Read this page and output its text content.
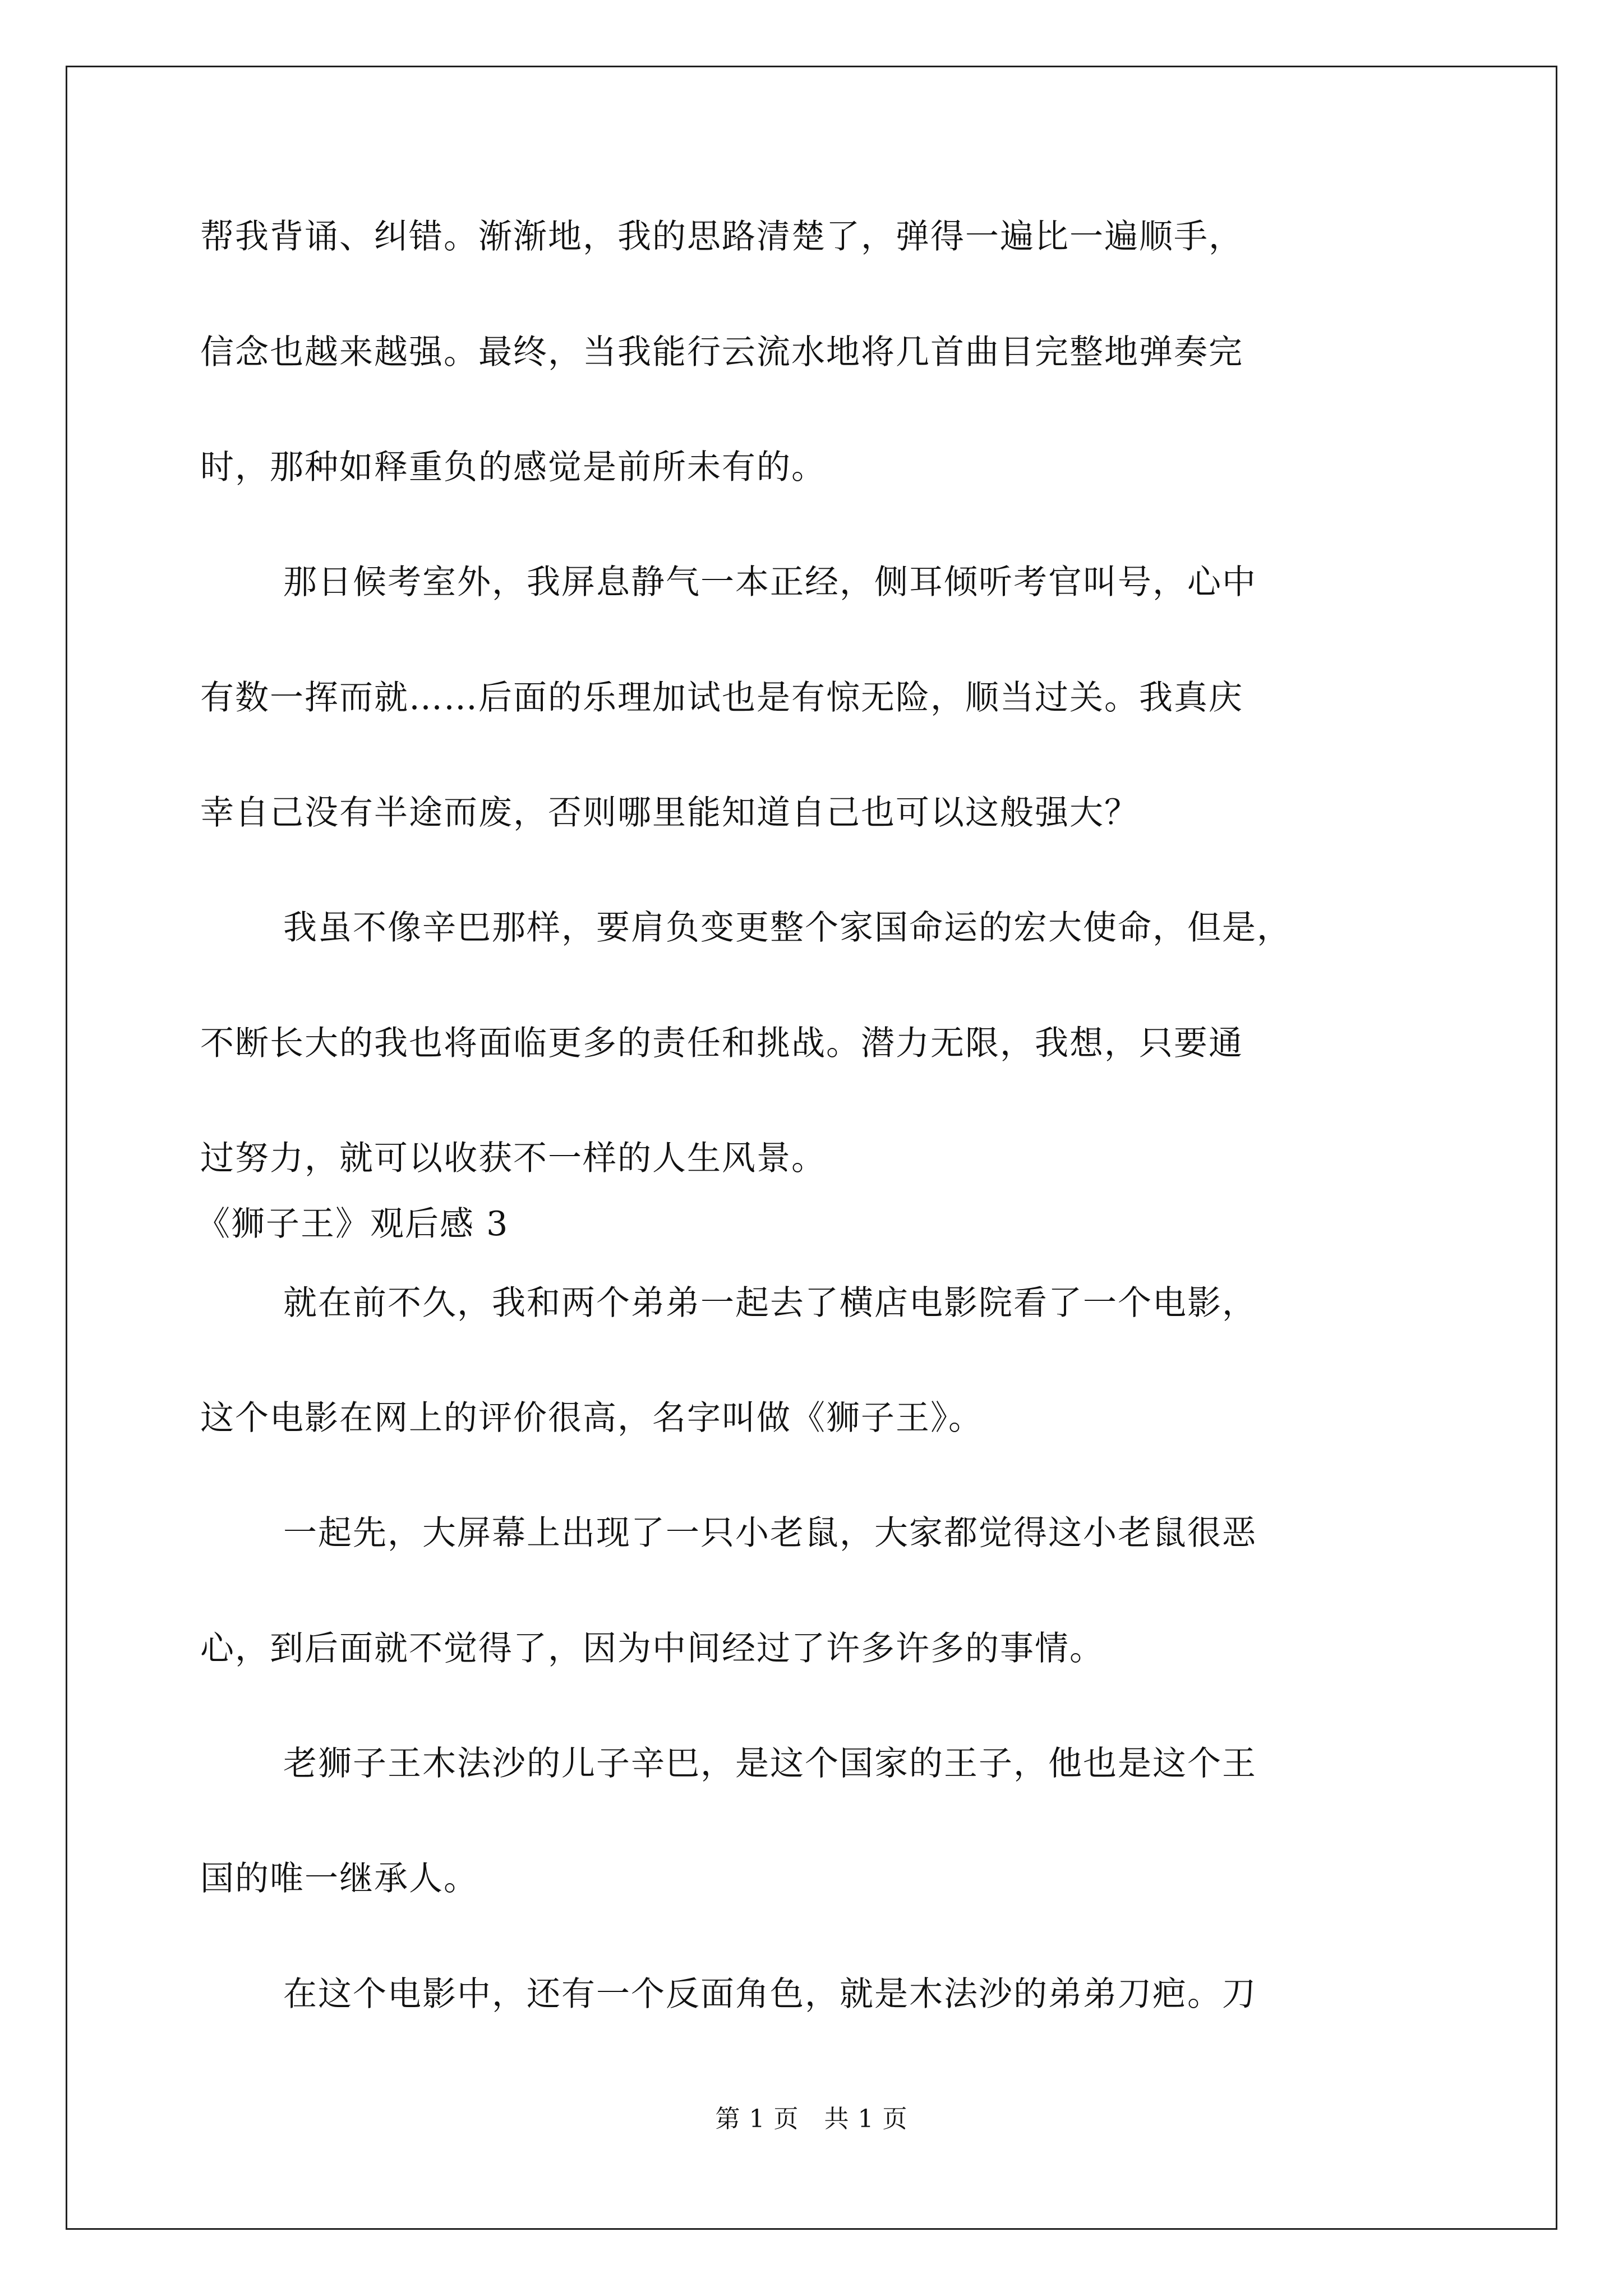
帮我背诵、纠错。渐渐地，我的思路清楚了，弹得一遍比一遍顺手，
信念也越来越强。最终，当我能行云流水地将几首曲目完整地弹奏完
时，那种如释重负的感觉是前所未有的。
那日候考室外，我屏息静气一本正经，侧耳倾听考官叫号，心中
有数一挥而就……后面的乐理加试也是有惊无险，顺当过关。我真庆
幸自己没有半途而废，否则哪里能知道自己也可以这般强大？
我虽不像辛巴那样，要肩负变更整个家国命运的宏大使命，但是，
不断长大的我也将面临更多的责任和挑战。潜力无限，我想，只要通
过努力，就可以收获不一样的人生风景。
《狮子王》观后感 3
就在前不久，我和两个弟弟一起去了横店电影院看了一个电影，
这个电影在网上的评价很高，名字叫做《狮子王》。
一起先，大屏幕上出现了一只小老鼠，大家都觉得这小老鼠很恶
心，到后面就不觉得了，因为中间经过了许多许多的事情。
老狮子王木法沙的儿子辛巴，是这个国家的王子，他也是这个王
国的唯一继承人。
在这个电影中，还有一个反面角色，就是木法沙的弟弟刀疤。刀
第 1 页   共 1 页
